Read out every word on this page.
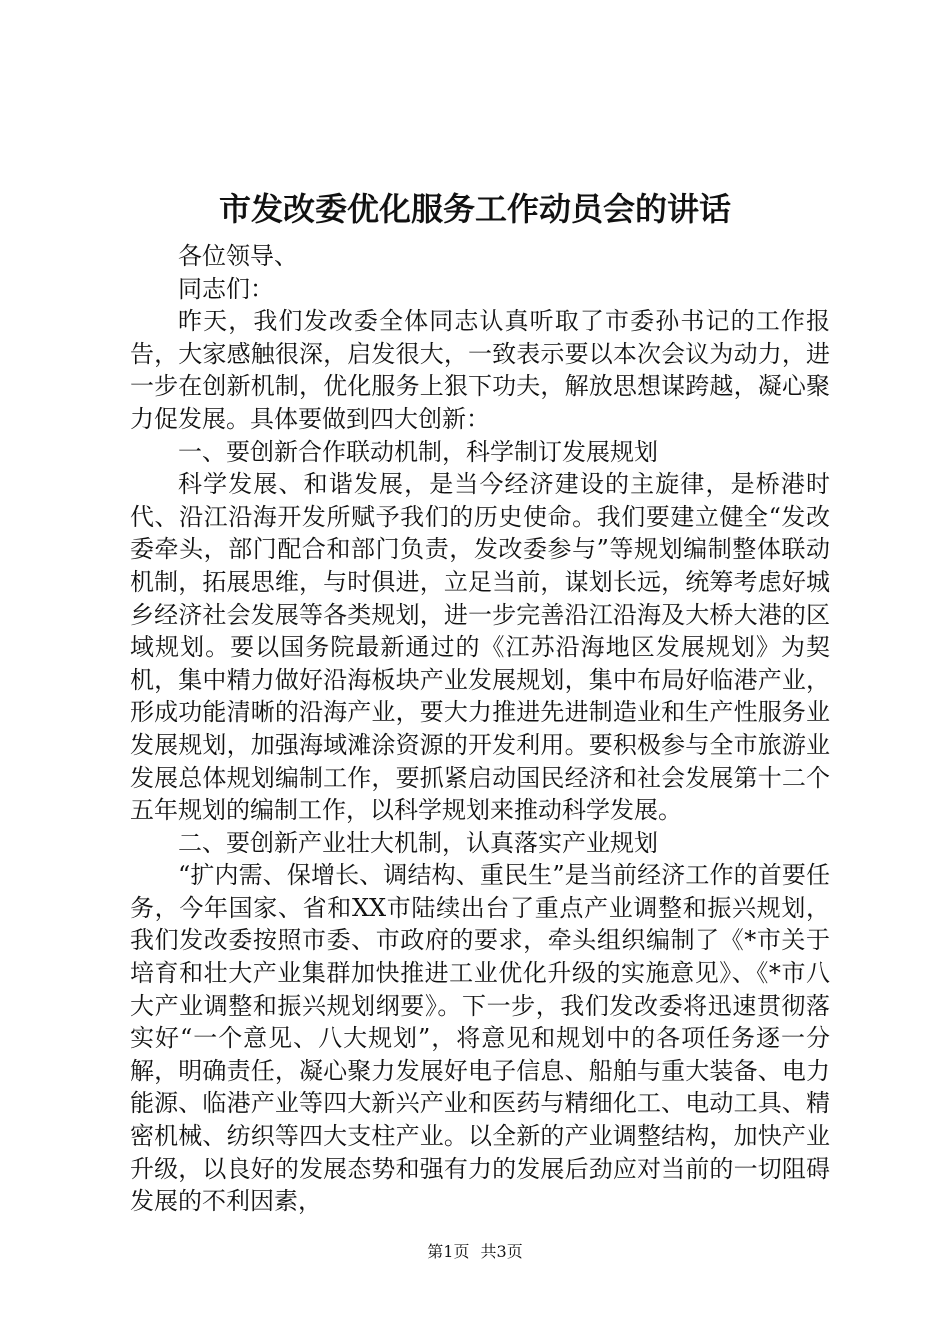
市发改委优化服务工作动员会的讲话

各位领导、

同志们：

昨天，我们发改委全体同志认真听取了市委孙书记的工作报告，大家感触很深，启发很大，一致表示要以本次会议为动力，进一步在创新机制，优化服务上狠下功夫，解放思想谋跨越，凝心聚力促发展。具体要做到四大创新：

一、要创新合作联动机制，科学制订发展规划

科学发展、和谐发展，是当今经济建设的主旋律，是桥港时代、沿江沿海开发所赋予我们的历史使命。我们要建立健全“发改委牵头，部门配合和部门负责，发改委参与”等规划编制整体联动机制，拓展思维，与时俱进，立足当前，谋划长远，统筹考虑好城乡经济社会发展等各类规划，进一步完善沿江沿海及大桥大港的区域规划。要以国务院最新通过的《江苏沿海地区发展规划》为契机，集中精力做好沿海板块产业发展规划，集中布局好临港产业，形成功能清晰的沿海产业，要大力推进先进制造业和生产性服务业发展规划，加强海域滩涂资源的开发利用。要积极参与全市旅游业发展总体规划编制工作，要抓紧启动国民经济和社会发展第十二个五年规划的编制工作，以科学规划来推动科学发展。

二、要创新产业壮大机制，认真落实产业规划

“扩内需、保增长、调结构、重民生”是当前经济工作的首要任务，今年国家、省和XX市陆续出台了重点产业调整和振兴规划，我们发改委按照市委、市政府的要求，牵头组织编制了《*市关于培育和壮大产业集群加快推进工业优化升级的实施意见》、《*市八大产业调整和振兴规划纲要》。下一步，我们发改委将迅速贯彻落实好“一个意见、八大规划”，将意见和规划中的各项任务逐一分解，明确责任，凝心聚力发展好电子信息、船舶与重大装备、电力能源、临港产业等四大新兴产业和医药与精细化工、电动工具、精密机械、纺织等四大支柱产业。以全新的产业调整结构，加快产业升级，以良好的发展态势和强有力的发展后劲应对当前的一切阻碍发展的不利因素，

第1页 共3页
